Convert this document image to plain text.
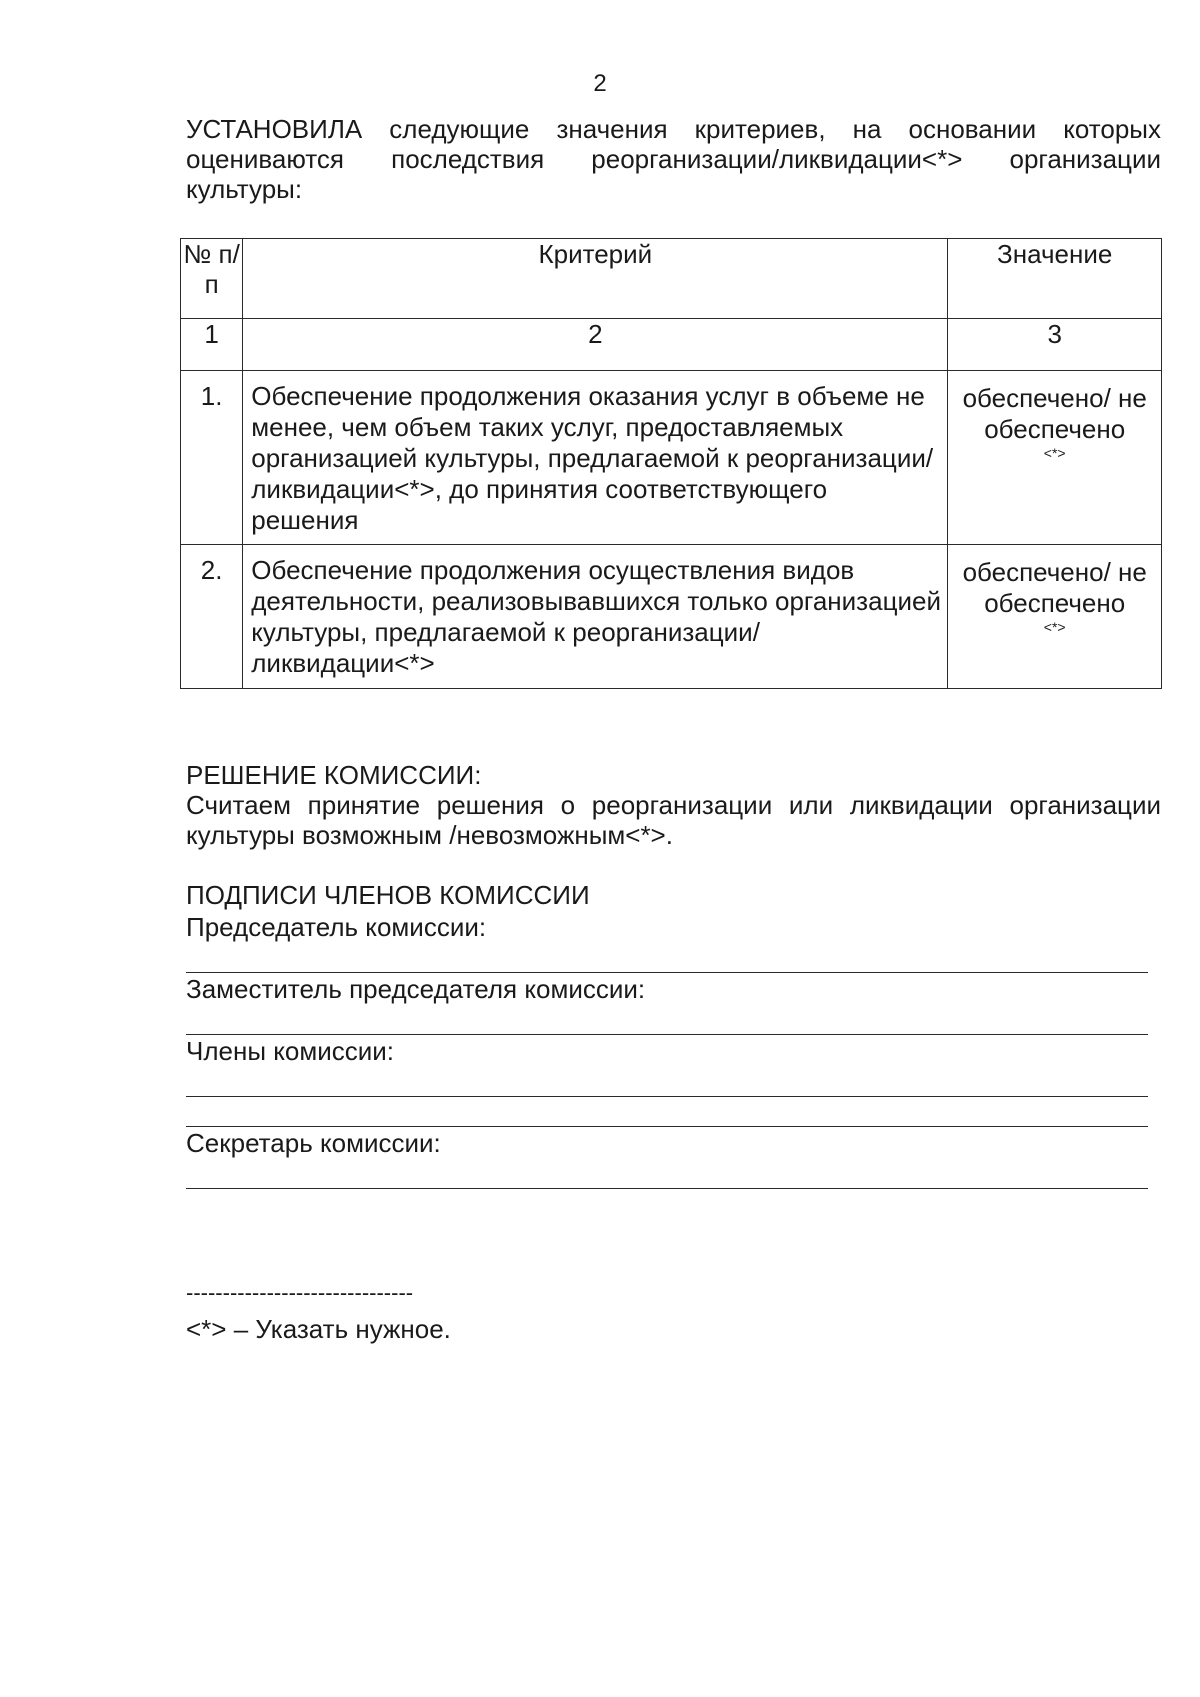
2

УСТАНОВИЛА следующие значения критериев, на основании которых оцениваются последствия реорганизации/ликвидации<*> организации культуры:

№ п/п	Критерий	Значение
1	2	3
1.	Обеспечение продолжения оказания услуг в объеме не менее, чем объем таких услуг, предоставляемых организацией культуры, предлагаемой к реорганизации/ликвидации<*>, до принятия соответствующего решения	обеспечено/ не обеспечено
<*>

2.	Обеспечение продолжения осуществления видов деятельности, реализовывавшихся только организацией культуры, предлагаемой к реорганизации/ликвидации<*>	обеспечено/ не обеспечено
<*>

РЕШЕНИЕ КОМИССИИ:

Считаем принятие решения о реорганизации или ликвидации организации культуры возможным /невозможным<*>.

ПОДПИСИ ЧЛЕНОВ КОМИССИИ

Председатель комиссии:

Заместитель председателя комиссии:

Члены комиссии:

Секретарь комиссии:

-------------------------------

<*> – Указать нужное.
